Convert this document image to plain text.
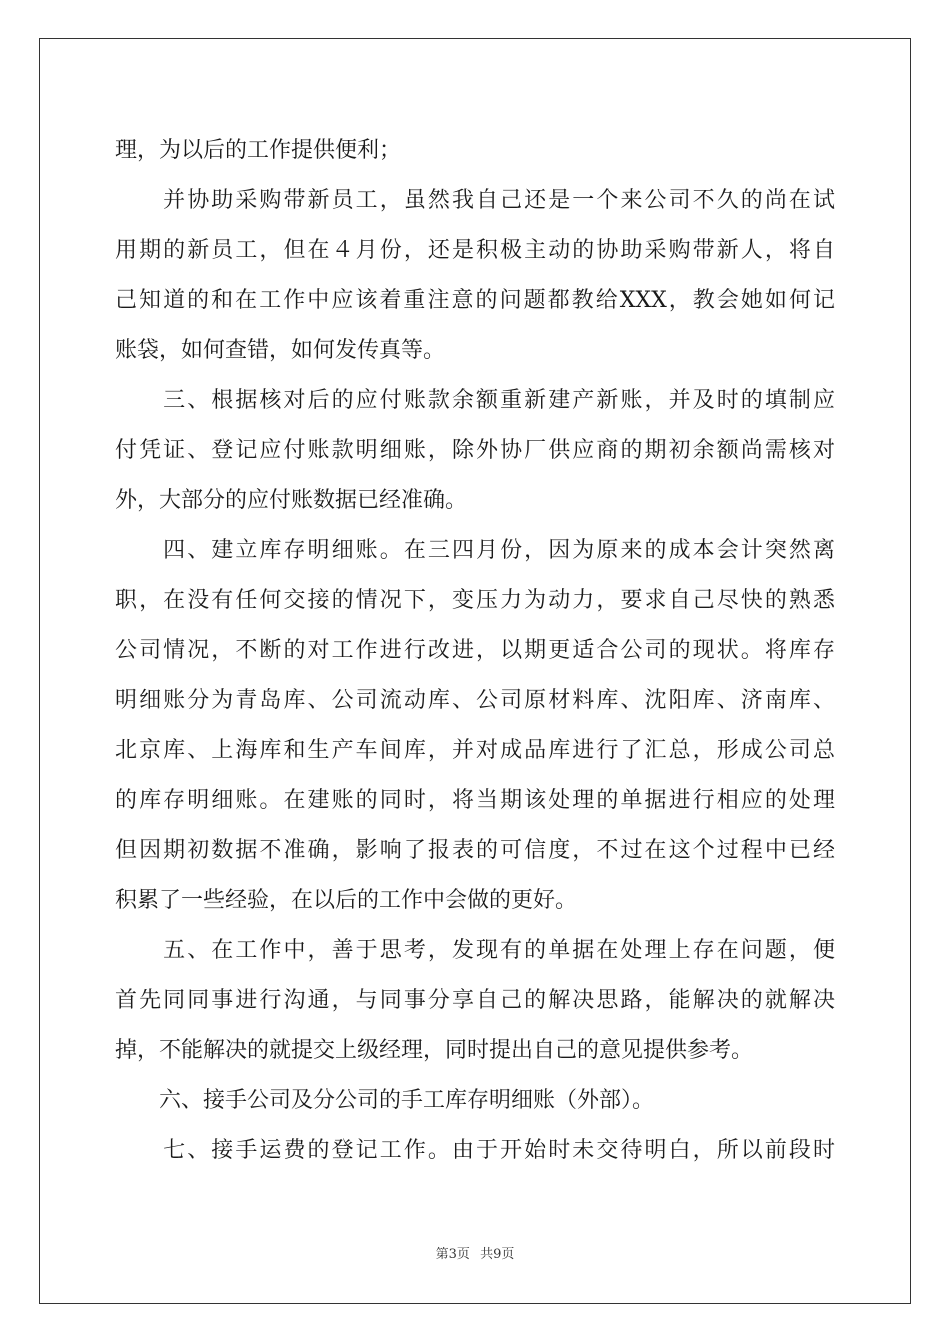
理，为以后的工作提供便利；
　　并协助采购带新员工，虽然我自己还是一个来公司不久的尚在试
用期的新员工，但在４月份，还是积极主动的协助采购带新人，将自
己知道的和在工作中应该着重注意的问题都教给XXX，教会她如何记
账袋，如何查错，如何发传真等。
　　三、根据核对后的应付账款余额重新建产新账，并及时的填制应
付凭证、登记应付账款明细账，除外协厂供应商的期初余额尚需核对
外，大部分的应付账数据已经准确。
　　四、建立库存明细账。在三四月份，因为原来的成本会计突然离
职，在没有任何交接的情况下，变压力为动力，要求自己尽快的熟悉
公司情况，不断的对工作进行改进，以期更适合公司的现状。将库存
明细账分为青岛库、公司流动库、公司原材料库、沈阳库、济南库、
北京库、上海库和生产车间库，并对成品库进行了汇总，形成公司总
的库存明细账。在建账的同时，将当期该处理的单据进行相应的处理
但因期初数据不准确，影响了报表的可信度，不过在这个过程中已经
积累了一些经验，在以后的工作中会做的更好。
　　五、在工作中，善于思考，发现有的单据在处理上存在问题，便
首先同同事进行沟通，与同事分享自己的解决思路，能解决的就解决
掉，不能解决的就提交上级经理，同时提出自己的意见提供参考。
　　六、接手公司及分公司的手工库存明细账（外部）。
　　七、接手运费的登记工作。由于开始时未交待明白，所以前段时
第3页 共9页
